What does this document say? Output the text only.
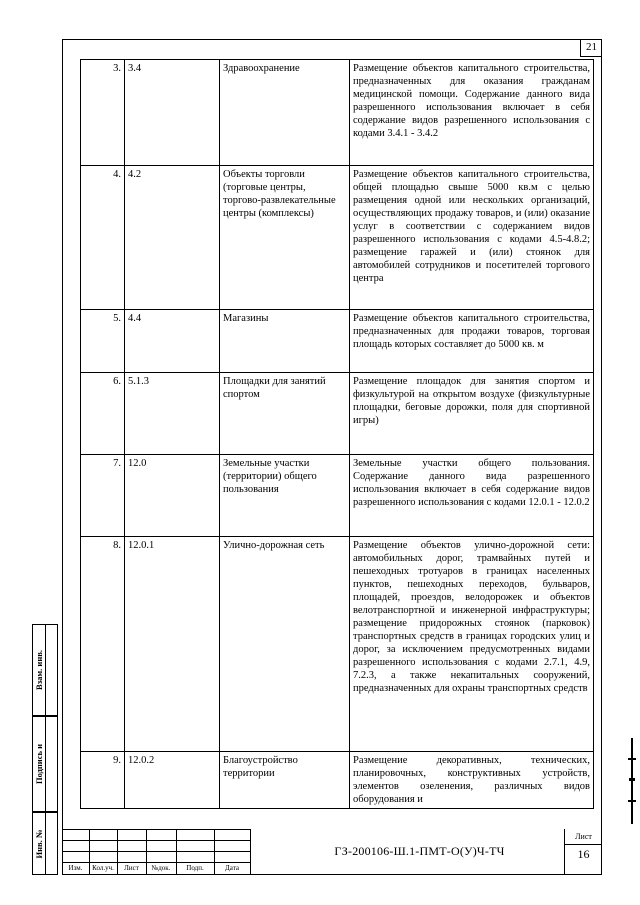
21
3.	3.4	Здравоохранение	Размещение объектов капитального строительства, предназначенных для оказания гражданам медицинской помощи. Содержание данного вида разрешенного использования включает в себя содержание видов разрешенного использования с кодами 3.4.1 - 3.4.2
4.	4.2	Объекты торговли (торговые центры, торгово-развлекательные центры (комплексы)	Размещение объектов капитального строительства, общей площадью свыше 5000 кв.м с целью размещения одной или нескольких организаций, осуществляющих продажу товаров, и (или) оказание услуг в соответствии с содержанием видов разрешенного использования с кодами 4.5-4.8.2; размещение гаражей и (или) стоянок для автомобилей сотрудников и посетителей торгового центра
5.	4.4	Магазины	Размещение объектов капитального строительства, предназначенных для продажи товаров, торговая площадь которых составляет до 5000 кв. м
6.	5.1.3	Площадки для занятий спортом	Размещение площадок для занятия спортом и физкультурой на открытом воздухе (физкультурные площадки, беговые дорожки, поля для спортивной игры)
7.	12.0	Земельные участки (территории) общего пользования	Земельные участки общего пользования. Содержание данного вида разрешенного использования включает в себя содержание видов разрешенного использования с кодами 12.0.1 - 12.0.2
8.	12.0.1	Улично-дорожная сеть	Размещение объектов улично-дорожной сети: автомобильных дорог, трамвайных путей и пешеходных тротуаров в границах населенных пунктов, пешеходных переходов, бульваров, площадей, проездов, велодорожек и объектов велотранспортной и инженерной инфраструктуры; размещение придорожных стоянок (парковок) транспортных средств в границах городских улиц и дорог, за исключением предусмотренных видами разрешенного использования с кодами 2.7.1, 4.9, 7.2.3, а также некапитальных сооружений, предназначенных для охраны транспортных средств
9.	12.0.2	Благоустройство территории	Размещение декоративных, технических, планировочных, конструктивных устройств, элементов озеленения, различных видов оборудования и
Взам. инв.
Подпись и
Инв. №
Изм.	Кол.уч.	Лист	№док.	Подп.	Дата
ГЗ-200106-Ш.1-ПМТ-О(У)Ч-ТЧ
Лист
16
